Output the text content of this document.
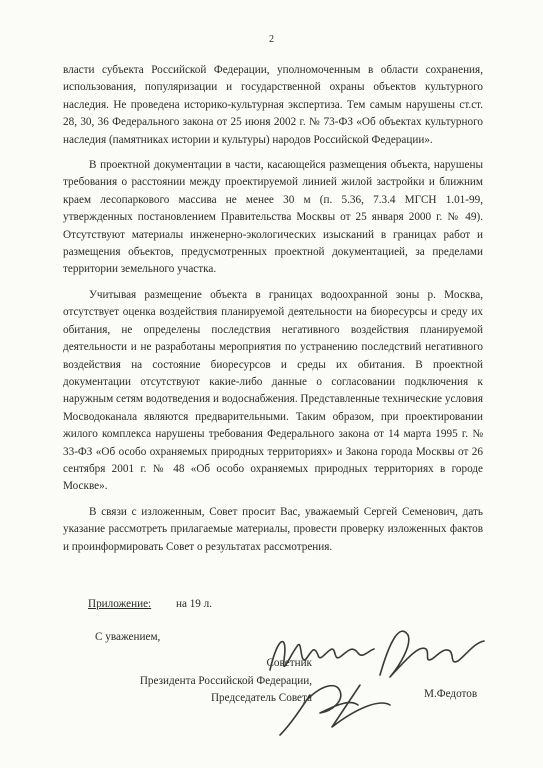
2

власти субъекта Российской Федерации, уполномоченным в области сохранения, использования, популяризации и государственной охраны объектов культурного наследия. Не проведена историко-культурная экспертиза. Тем самым нарушены ст.ст. 28, 30, 36 Федерального закона от 25 июня 2002 г. № 73-ФЗ «Об объектах культурного наследия (памятниках истории и культуры) народов Российской Федерации».

В проектной документации в части, касающейся размещения объекта, нарушены требования о расстоянии между проектируемой линией жилой застройки и ближним краем лесопаркового массива не менее 30 м (п. 5.36, 7.3.4 МГСН 1.01-99, утвержденных постановлением Правительства Москвы от 25 января 2000 г. № 49). Отсутствуют материалы инженерно-экологических изысканий в границах работ и размещения объектов, предусмотренных проектной документацией, за пределами территории земельного участка.

Учитывая размещение объекта в границах водоохранной зоны р. Москва, отсутствует оценка воздействия планируемой деятельности на биоресурсы и среду их обитания, не определены последствия негативного воздействия планируемой деятельности и не разработаны мероприятия по устранению последствий негативного воздействия на состояние биоресурсов и среды их обитания. В проектной документации отсутствуют какие-либо данные о согласовании подключения к наружным сетям водотведения и водоснабжения. Представленные технические условия Мосводоканала являются предварительными. Таким образом, при проектировании жилого комплекса нарушены требования Федерального закона от 14 марта 1995 г. № 33-ФЗ «Об особо охраняемых природных территориях» и Закона города Москвы от 26 сентября 2001 г. № 48 «Об особо охраняемых природных территориях в городе Москве».

В связи с изложенным, Совет просит Вас, уважаемый Сергей Семенович, дать указание рассмотреть прилагаемые материалы, провести проверку изложенных фактов и проинформировать Совет о результатах рассмотрения.

Приложение: на 19 л.
С уважением,
Советник
Президента Российской Федерации,
Председатель Совета	М.Федотов
